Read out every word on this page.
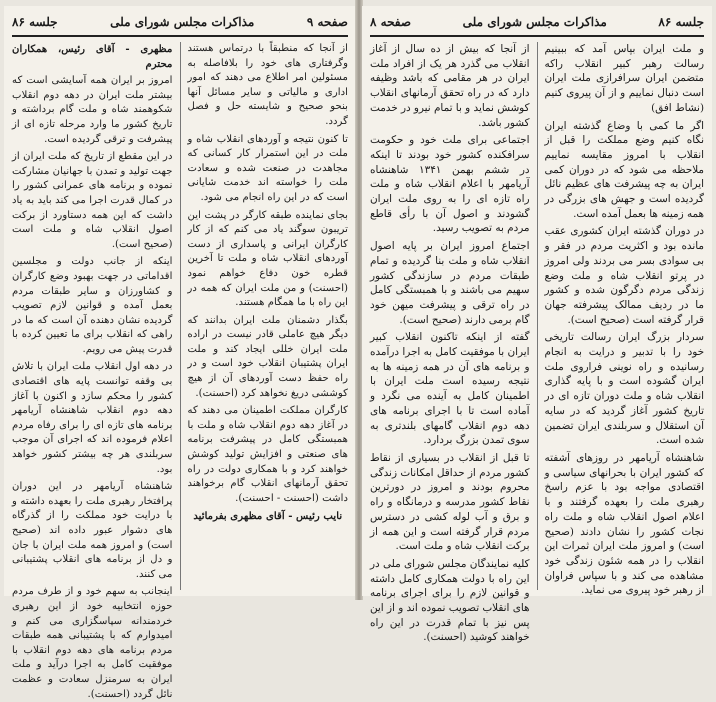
صفحه ۹
مذاکرات مجلس شورای ملی
جلسه ۸۶

از آنجا که منطبقاً با درتماس هستند وگرفتاری های خود را بلافاصله به مسئولین امر اطلاع می دهند که امور اداری و مالیاتی و سایر مسائل آنها بنحو صحیح و شایسته حل و فصل گردد.

تا کنون نتیجه و آوردهای انقلاب شاه و ملت در این استمرار کار کسانی که مجاهدت در صنعت شده و سعادت ملت را خواسته اند خدمت شایانی است که در این راه انجام می شود.

بجای نماینده طبقه کارگر در پشت این تریبون سوگند یاد می کنم که از کار کارگران ایرانی و پاسداری از دست آوردهای انقلاب شاه و ملت تا آخرین قطره خون دفاع خواهم نمود (احسنت) و من ملت ایران که همه در این راه با ما همگام هستند.

بگذار دشمنان ملت ایران بدانند که دیگر هیچ عاملی قادر نیست در اراده ملت ایران خللی ایجاد کند و ملت ایران پشتیبان انقلاب خود است و در راه حفظ دست آوردهای آن از هیچ کوششی دریغ نخواهد کرد (احسنت).

کارگران مملکت اطمینان می دهند که در آغاز دهه دوم انقلاب شاه و ملت با همبستگی کامل در پیشرفت برنامه های صنعتی و افزایش تولید کوشش خواهند کرد و با همکاری دولت در راه تحقق آرمانهای انقلاب گام برخواهند داشت (احسنت - احسنت).

نایب رئیس - آقای مظهری بفرمائید

مظهری - آقای رئیس، همکاران محترم

امروز بر ایران همه آسایشی است که بیشتر ملت ایران در دهه دوم انقلاب شکوهمند شاه و ملت گام برداشته و تاریخ کشور ما وارد مرحله تازه ای از پیشرفت و ترقی گردیده است.

در این مقطع از تاریخ که ملت ایران از جهت تولید و تمدن با جهانیان مشارکت نموده و برنامه های عمرانی کشور را در کمال قدرت اجرا می کند باید به یاد داشت که این همه دستاورد از برکت اصول انقلاب شاه و ملت است (صحیح است).

اینکه از جانب دولت و مجلسین اقداماتی در جهت بهبود وضع کارگران و کشاورزان و سایر طبقات مردم بعمل آمده و قوانین لازم تصویب گردیده نشان دهنده آن است که ما در راهی که انقلاب برای ما تعیین کرده با قدرت پیش می رویم.

در دهه اول انقلاب ملت ایران با تلاش بی وقفه توانست پایه های اقتصادی کشور را محکم سازد و اکنون با آغاز دهه دوم انقلاب شاهنشاه آریامهر برنامه های تازه ای را برای رفاه مردم اعلام فرموده اند که اجرای آن موجب سربلندی هر چه بیشتر کشور خواهد بود.

شاهنشاه آریامهر در این دوران پرافتخار رهبری ملت را بعهده داشته و با درایت خود مملکت را از گذرگاه های دشوار عبور داده اند (صحیح است) و امروز همه ملت ایران با جان و دل از برنامه های انقلاب پشتیبانی می کنند.

اینجانب به سهم خود و از طرف مردم حوزه انتخابیه خود از این رهبری خردمندانه سپاسگزاری می کنم و امیدوارم که با پشتیبانی همه طبقات مردم برنامه های دهه دوم انقلاب با موفقیت کامل به اجرا درآید و ملت ایران به سرمنزل سعادت و عظمت نائل گردد (احسنت).

جلسه ۸۶
مذاکرات مجلس شورای ملی
صفحه ۸

و ملت ایران بپاس آمد که ببینیم رسالت رهبر کبیر انقلاب راکه متضمن ایران سرافرازی ملت ایران است دنبال نماییم و از آن پیروی کنیم (نشاط افق)

اگر ما کمی با وضاع گذشته ایران نگاه کنیم وضع مملکت را قبل از انقلاب با امروز مقایسه نماییم ملاحظه می شود که در دوران کمی ایران به چه پیشرفت های عظیم نائل گردیده است و جهش های بزرگی در همه زمینه ها بعمل آمده است.

در دوران گذشته ایران کشوری عقب مانده بود و اکثریت مردم در فقر و بی سوادی بسر می بردند ولی امروز در پرتو انقلاب شاه و ملت وضع زندگی مردم دگرگون شده و کشور ما در ردیف ممالک پیشرفته جهان قرار گرفته است (صحیح است).

سردار بزرگ ایران رسالت تاریخی خود را با تدبیر و درایت به انجام رسانیده و راه نوینی فراروی ملت ایران گشوده است و با پایه گذاری انقلاب شاه و ملت دوران تازه ای در تاریخ کشور آغاز گردید که در سایه آن استقلال و سربلندی ایران تضمین شده است.

شاهنشاه آریامهر در روزهای آشفته که کشور ایران با بحرانهای سیاسی و اقتصادی مواجه بود با عزم راسخ رهبری ملت را بعهده گرفتند و با اعلام اصول انقلاب شاه و ملت راه نجات کشور را نشان دادند (صحیح است) و امروز ملت ایران ثمرات این انقلاب را در همه شئون زندگی خود مشاهده می کند و با سپاس فراوان از رهبر خود پیروی می نماید.

از آنجا که بیش از ده سال از آغاز انقلاب می گذرد هر یک از افراد ملت ایران در هر مقامی که باشد وظیفه دارد که در راه تحقق آرمانهای انقلاب کوشش نماید و با تمام نیرو در خدمت کشور باشد.

اجتماعی برای ملت خود و حکومت سرافکنده کشور خود بودند تا اینکه در ششم بهمن ۱۳۴۱ شاهنشاه آریامهر با اعلام انقلاب شاه و ملت راه تازه ای را به روی ملت ایران گشودند و اصول آن با رأی قاطع مردم به تصویب رسید.

اجتماع امروز ایران بر پایه اصول انقلاب شاه و ملت بنا گردیده و تمام طبقات مردم در سازندگی کشور سهیم می باشند و با همبستگی کامل در راه ترقی و پیشرفت میهن خود گام برمی دارند (صحیح است).

گفته از اینکه تاکنون انقلاب کبیر ایران با موفقیت کامل به اجرا درآمده و برنامه های آن در همه زمینه ها به نتیجه رسیده است ملت ایران با اطمینان کامل به آینده می نگرد و آماده است تا با اجرای برنامه های دهه دوم انقلاب گامهای بلندتری به سوی تمدن بزرگ بردارد.

تا قبل از انقلاب در بسیاری از نقاط کشور مردم از حداقل امکانات زندگی محروم بودند و امروز در دورترین نقاط کشور مدرسه و درمانگاه و راه و برق و آب لوله کشی در دسترس مردم قرار گرفته است و این همه از برکت انقلاب شاه و ملت است.

کلیه نمایندگان مجلس شورای ملی در این راه با دولت همکاری کامل داشته و قوانین لازم را برای اجرای برنامه های انقلاب تصویب نموده اند و از این پس نیز با تمام قدرت در این راه خواهند کوشید (احسنت).
